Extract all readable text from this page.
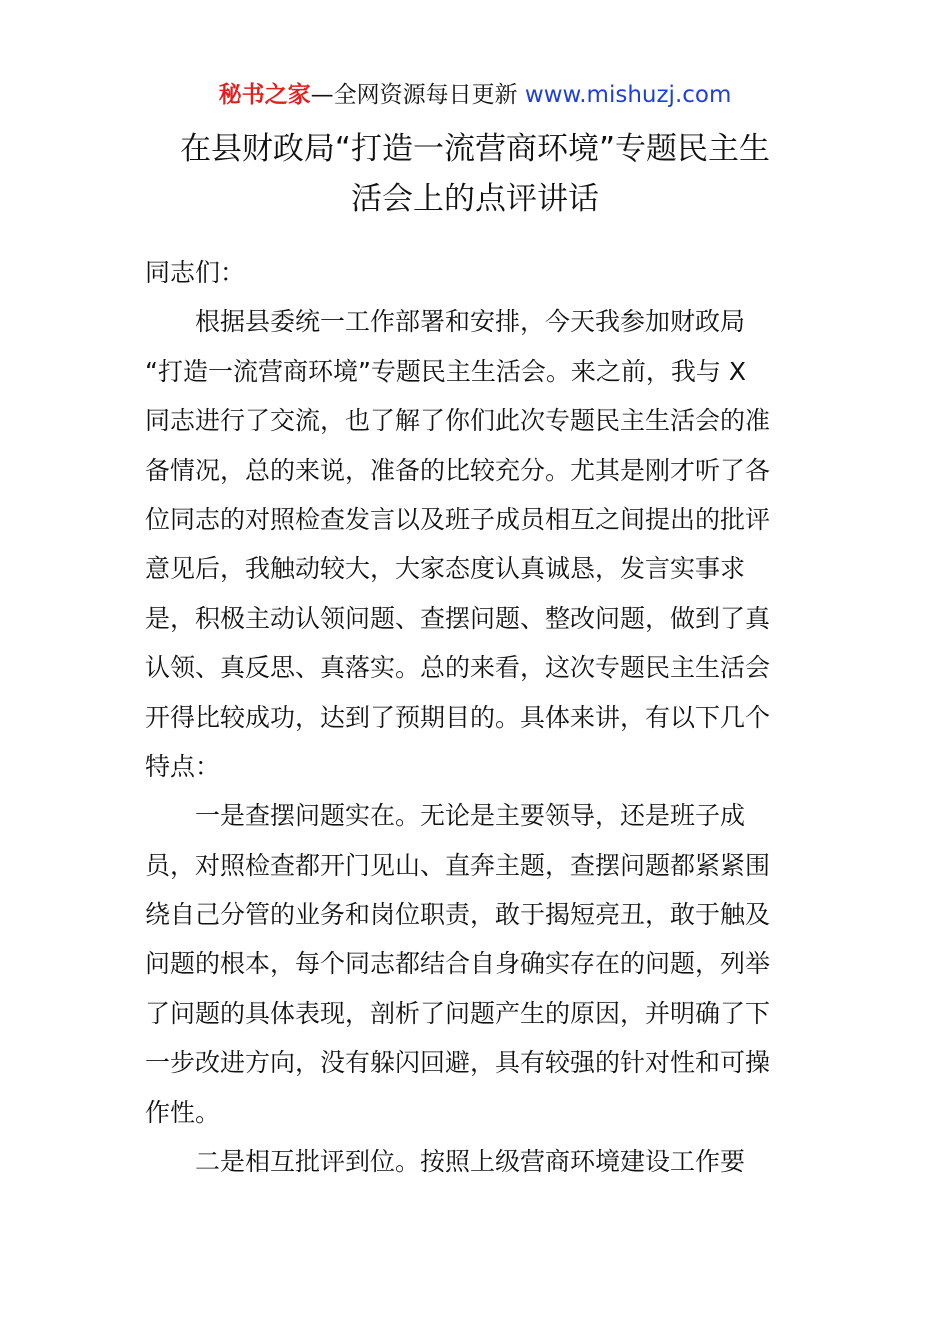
秘书之家—全网资源每日更新 www.mishuzj.com
在县财政局“打造一流营商环境”专题民主生
活会上的点评讲话
同志们：
根据县委统一工作部署和安排，今天我参加财政局
“打造一流营商环境”专题民主生活会。来之前，我与 X
同志进行了交流，也了解了你们此次专题民主生活会的准
备情况，总的来说，准备的比较充分。尤其是刚才听了各
位同志的对照检查发言以及班子成员相互之间提出的批评
意见后，我触动较大，大家态度认真诚恳，发言实事求
是，积极主动认领问题、查摆问题、整改问题，做到了真
认领、真反思、真落实。总的来看，这次专题民主生活会
开得比较成功，达到了预期目的。具体来讲，有以下几个
特点：
一是查摆问题实在。无论是主要领导，还是班子成
员，对照检查都开门见山、直奔主题，查摆问题都紧紧围
绕自己分管的业务和岗位职责，敢于揭短亮丑，敢于触及
问题的根本，每个同志都结合自身确实存在的问题，列举
了问题的具体表现，剖析了问题产生的原因，并明确了下
一步改进方向，没有躲闪回避，具有较强的针对性和可操
作性。
二是相互批评到位。按照上级营商环境建设工作要
